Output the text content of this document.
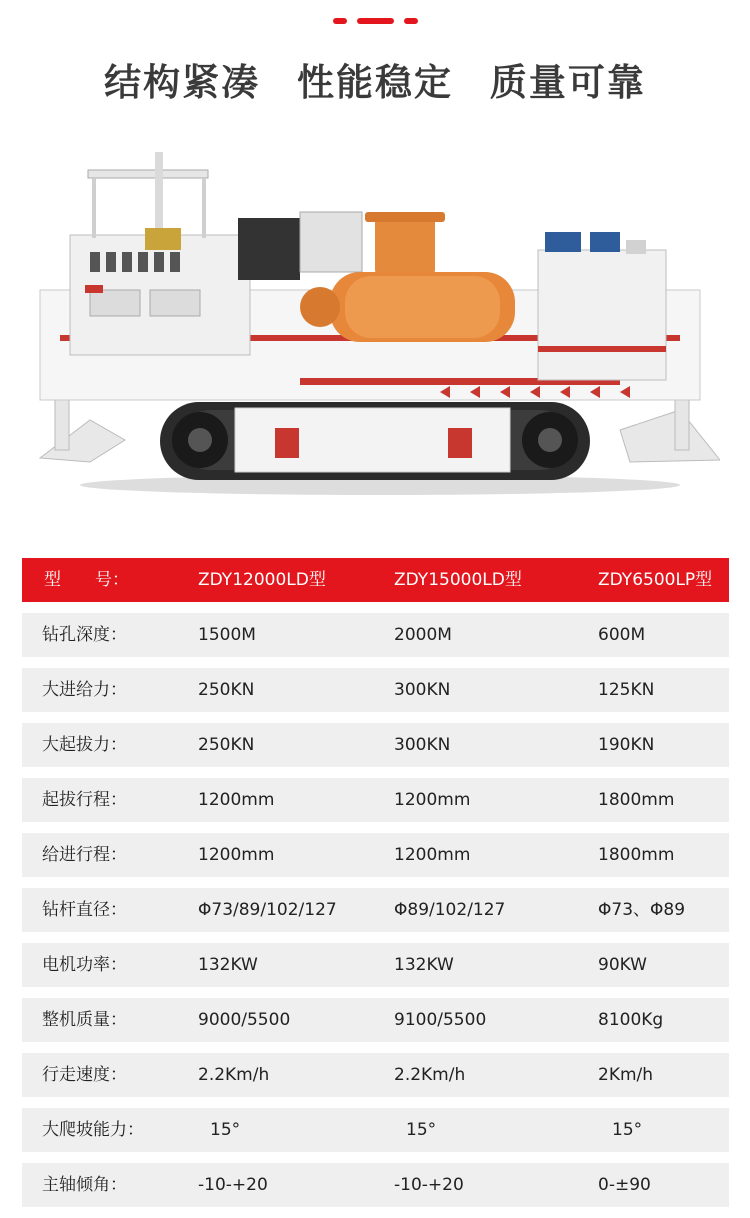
结构紧凑 性能稳定 质量可靠
型　　号：	ZDY12000LD型	ZDY15000LD型	ZDY6500LP型
钻孔深度：	1500M	2000M	600M
大进给力：	250KN	300KN	125KN
大起拔力：	250KN	300KN	190KN
起拔行程：	1200mm	1200mm	1800mm
给进行程：	1200mm	1200mm	1800mm
钻杆直径：	Φ73/89/102/127	Φ89/102/127	Φ73、Φ89
电机功率：	132KW	132KW	90KW
整机质量：	9000/5500	9100/5500	8100Kg
行走速度：	2.2Km/h	2.2Km/h	2Km/h
大爬坡能力：	15°	15°	15°
主轴倾角：	-10-+20	-10-+20	0-±90
